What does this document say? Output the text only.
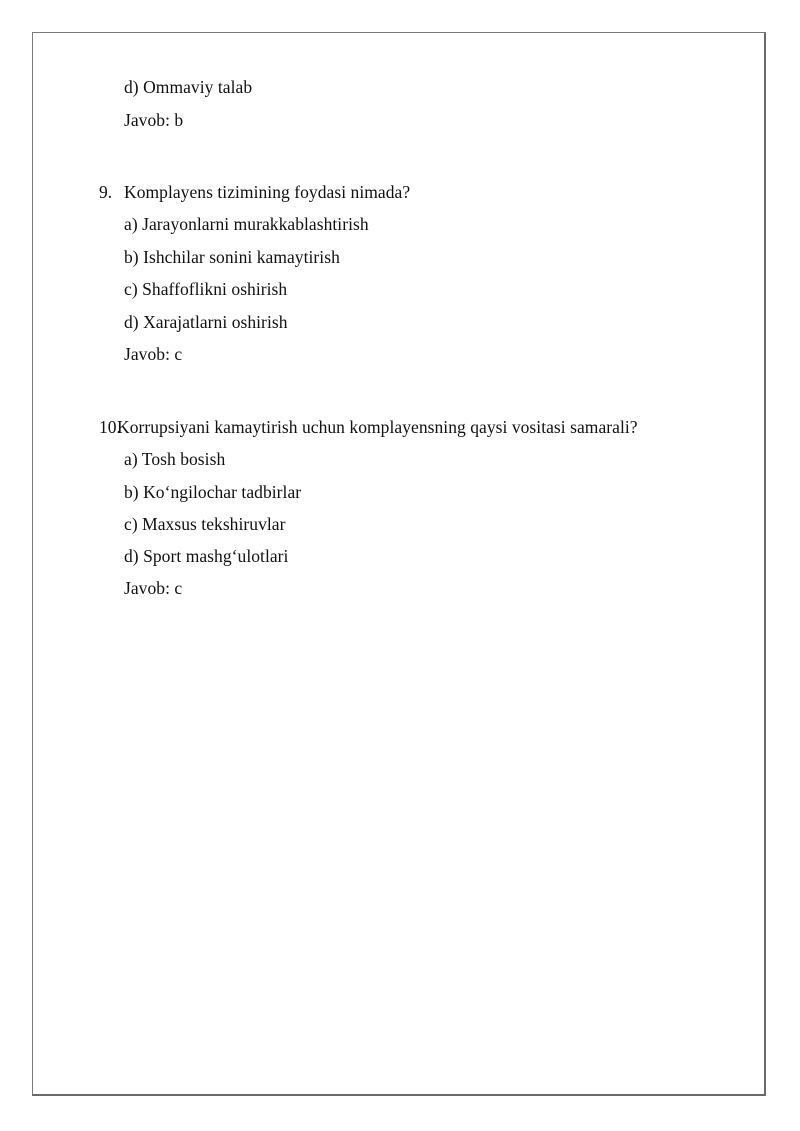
d) Ommaviy talab
Javob: b
9. Komplayens tizimining foydasi nimada?
a) Jarayonlarni murakkablashtirish
b) Ishchilar sonini kamaytirish
c) Shaffoflikni oshirish
d) Xarajatlarni oshirish
Javob: c
10.
Korrupsiyani kamaytirish uchun komplayensning qaysi vositasi samarali?
a) Tosh bosish
b) Ko‘ngilochar tadbirlar
c) Maxsus tekshiruvlar
d) Sport mashg‘ulotlari
Javob: c
